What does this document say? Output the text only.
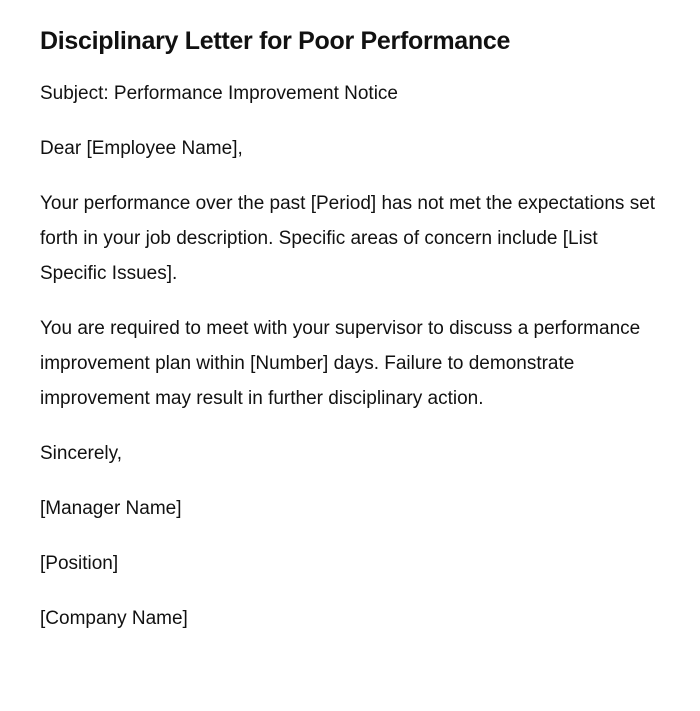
Disciplinary Letter for Poor Performance

Subject: Performance Improvement Notice

Dear [Employee Name],

Your performance over the past [Period] has not met the expectations set forth in your job description. Specific areas of concern include [List Specific Issues].

You are required to meet with your supervisor to discuss a performance improvement plan within [Number] days. Failure to demonstrate improvement may result in further disciplinary action.

Sincerely,

[Manager Name]

[Position]

[Company Name]
